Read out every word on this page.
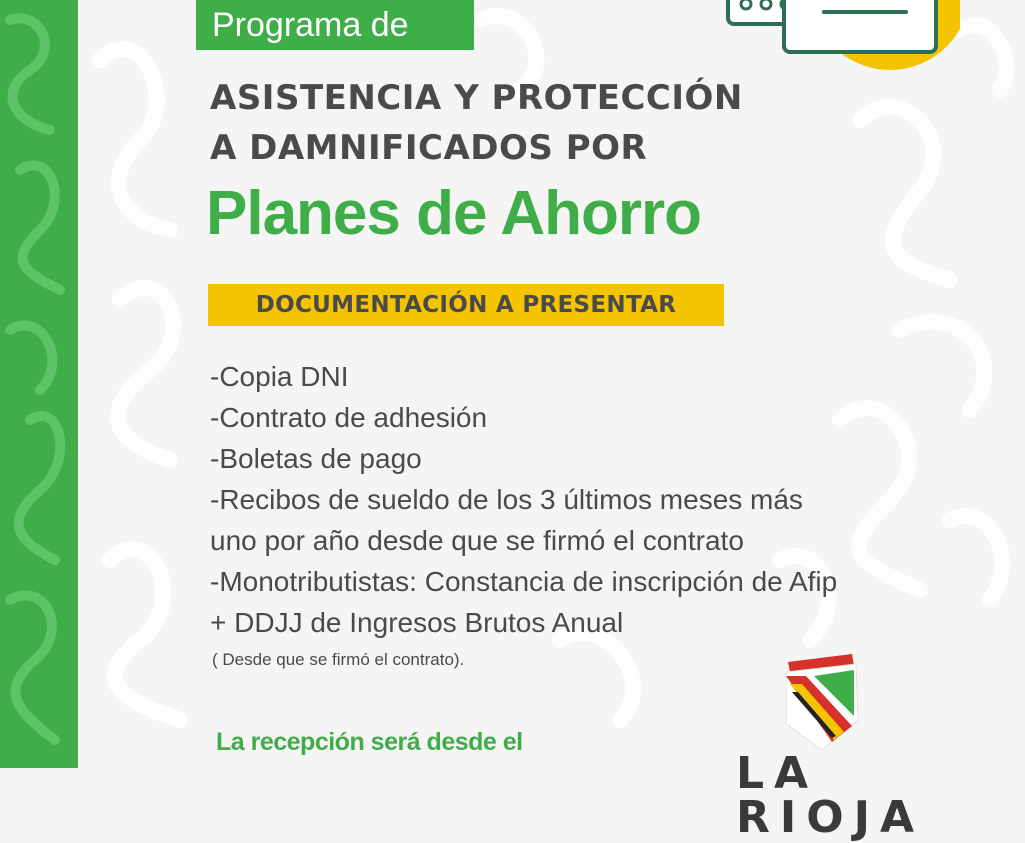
Programa de
ASISTENCIA Y PROTECCIÓN
A DAMNIFICADOS POR
Planes de Ahorro
DOCUMENTACIÓN A PRESENTAR
-Copia DNI
-Contrato de adhesión
-Boletas de pago
-Recibos de sueldo de los 3 últimos meses más
uno por año desde que se firmó el contrato
-Monotributistas: Constancia de inscripción de Afip
+ DDJJ de Ingresos Brutos Anual
( Desde que se firmó el contrato).
La recepción será desde el
LA RIOJA
